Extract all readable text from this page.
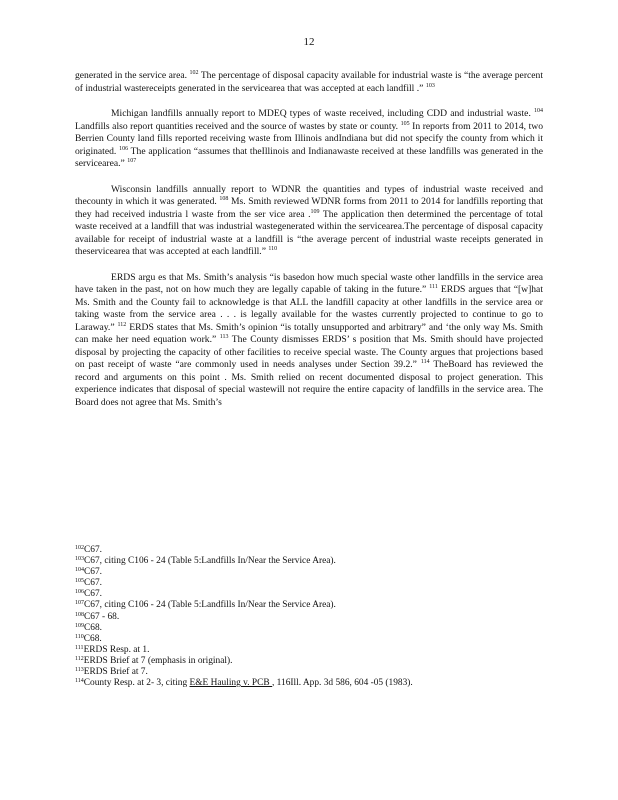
12

generated in the service area. $^{102}$ The percentage of disposal capacity available for industrial waste is “the average percent of industrial wastereceipts generated in the servicearea that was accepted at each landfill .” $^{103}$

Michigan landfills annually report to MDEQ types of waste received, including CDD and industrial waste. $^{104}$ Landfills also report quantities received and the source of wastes by state or county. $^{105}$ In reports from 2011 to 2014, two Berrien County land fills reported receiving waste from Illinois andIndiana but did not specify the county from which it originated. $^{106}$ The application “assumes that theIllinois and Indianawaste received at these landfills was generated in the servicearea.” $^{107}$

Wisconsin landfills annually report to WDNR the quantities and types of industrial waste received and thecounty in which it was generated. $^{108}$ Ms. Smith reviewed WDNR forms from 2011 to 2014 for landfills reporting that they had received industria l waste from the ser vice area .$^{109}$ The application then determined the percentage of total waste received at a landfill that was industrial wastegenerated within the servicearea.The percentage of disposal capacity available for receipt of industrial waste at a landfill is “the average percent of industrial waste receipts generated in theservicearea that was accepted at each landfill.” $^{110}$

ERDS argu es that Ms. Smith’s analysis “is basedon how much special waste other landfills in the service area have taken in the past, not on how much they are legally capable of taking in the future.” $^{111}$ ERDS argues that “[w]hat Ms. Smith and the County fail to acknowledge is that ALL the landfill capacity at other landfills in the service area or taking waste from the service area . . . is legally available for the wastes currently projected to continue to go to Laraway.” $^{112}$ ERDS states that Ms. Smith’s opinion “is totally unsupported and arbitrary” and ‘the only way Ms. Smith can make her need equation work.” $^{113}$ The County dismisses ERDS’ s position that Ms. Smith should have projected disposal by projecting the capacity of other facilities to receive special waste. The County argues that projections based on past receipt of waste “are commonly used in needs analyses under Section 39.2.” $^{114}$ TheBoard has reviewed the record and arguments on this point . Ms. Smith relied on recent documented disposal to project generation. This experience indicates that disposal of special wastewill not require the entire capacity of landfills in the service area. The Board does not agree that Ms. Smith’s

$^{102}$C67.
$^{103}$C67, citing C106 - 24 (Table 5:Landfills In/Near the Service Area).
$^{104}$C67.
$^{105}$C67.
$^{106}$C67.
$^{107}$C67, citing C106 - 24 (Table 5:Landfills In/Near the Service Area).
$^{108}$C67 - 68.
$^{109}$C68.
$^{110}$C68.
$^{111}$ERDS Resp. at 1.
$^{112}$ERDS Brief at 7 (emphasis in original).
$^{113}$ERDS Brief at 7.
$^{114}$County Resp. at 2- 3, citing E&E Hauling v. PCB , 116Ill. App. 3d 586, 604 -05 (1983).
